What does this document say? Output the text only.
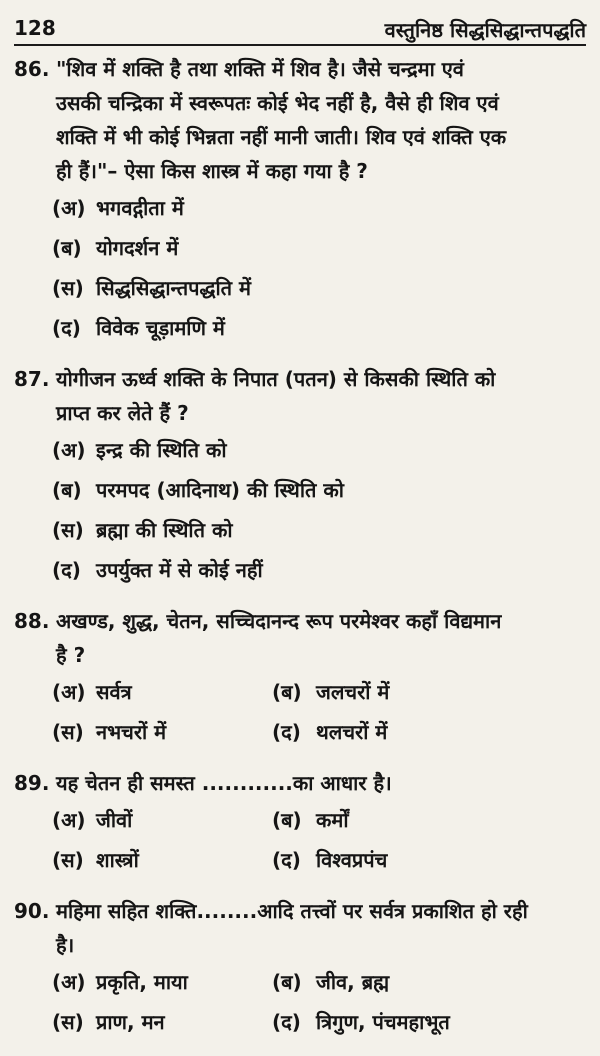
128	वस्तुनिष्ठ सिद्धसिद्धान्तपद्धति
86. "शिव में शक्ति है तथा शक्ति में शिव है। जैसे चन्द्रमा एवं
उसकी चन्द्रिका में स्वरूपतः कोई भेद नहीं है, वैसे ही शिव एवं
शक्ति में भी कोई भिन्नता नहीं मानी जाती। शिव एवं शक्ति एक
ही हैं।"– ऐसा किस शास्त्र में कहा गया है ?
(अ) भगवद्गीता में
(ब) योगदर्शन में
(स) सिद्धसिद्धान्तपद्धति में
(द) विवेक चूड़ामणि में
87. योगीजन ऊर्ध्व शक्ति के निपात (पतन) से किसकी स्थिति को
प्राप्त कर लेते हैं ?
(अ) इन्द्र की स्थिति को
(ब) परमपद (आदिनाथ) की स्थिति को
(स) ब्रह्मा की स्थिति को
(द) उपर्युक्त में से कोई नहीं
88. अखण्ड, शुद्ध, चेतन, सच्चिदानन्द रूप परमेश्वर कहाँ विद्यमान
है ?
(अ) सर्वत्र	(ब) जलचरों में
(स) नभचरों में	(द) थलचरों में
89. यह चेतन ही समस्त ............का आधार है।
(अ) जीवों	(ब) कर्मों
(स) शास्त्रों	(द) विश्वप्रपंच
90. महिमा सहित शक्ति........आदि तत्त्वों पर सर्वत्र प्रकाशित हो रही
है।
(अ) प्रकृति, माया	(ब) जीव, ब्रह्म
(स) प्राण, मन	(द) त्रिगुण, पंचमहाभूत
